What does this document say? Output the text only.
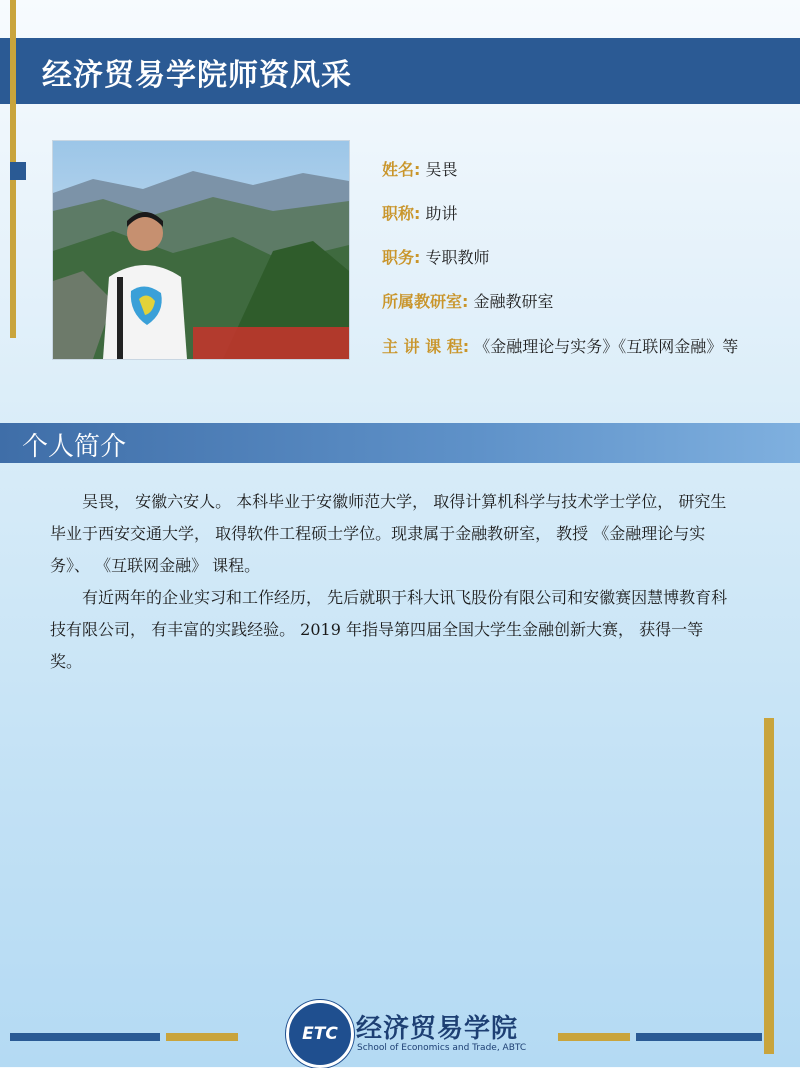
经济贸易学院师资风采
姓名: 吴畏
职称: 助讲
职务: 专职教师
所属教研室: 金融教研室
主 讲 课 程: 《金融理论与实务》《互联网金融》等
个人简介

吴畏， 安徽六安人。 本科毕业于安徽师范大学， 取得计算机科学与技术学士学位， 研究生毕业于西安交通大学， 取得软件工程硕士学位。现隶属于金融教研室， 教授 《金融理论与实务》、 《互联网金融》 课程。

有近两年的企业实习和工作经历， 先后就职于科大讯飞股份有限公司和安徽赛因慧博教育科技有限公司， 有丰富的实践经验。 2019 年指导第四届全国大学生金融创新大赛， 获得一等奖。

ETC 经济贸易学院
School of Economics and Trade, ABTC
